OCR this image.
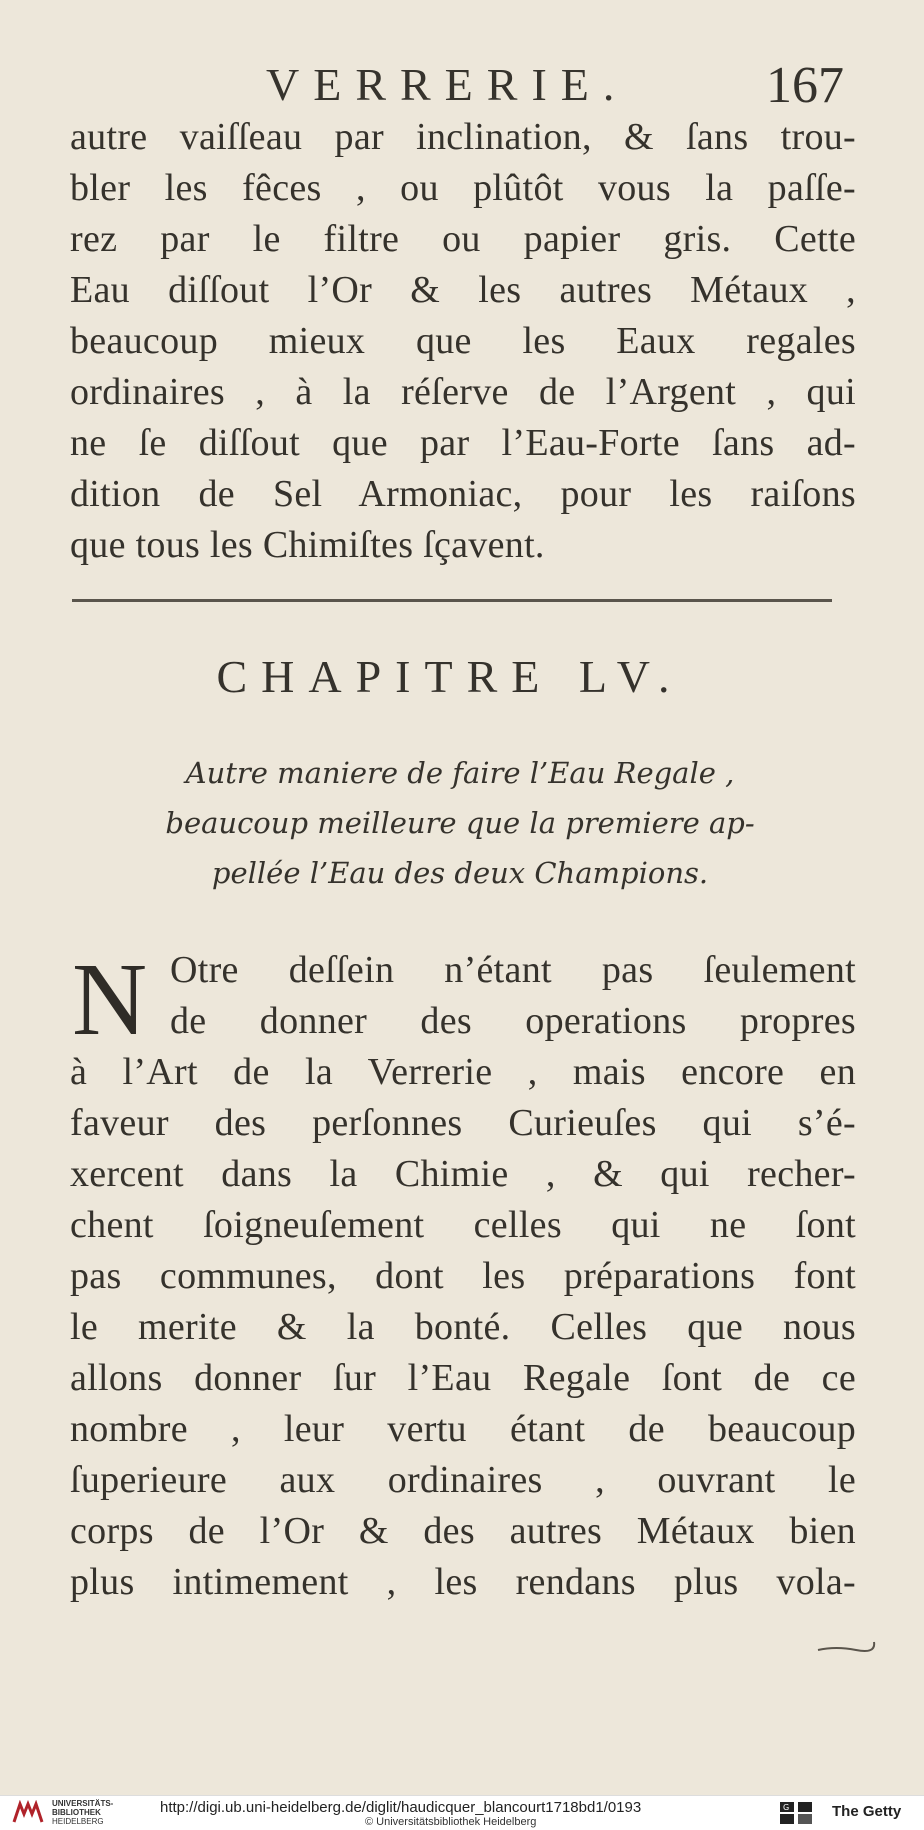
VERRERIE.	167
autre vaiſſeau par inclination, & ſans trou-
bler les fêces , ou plûtôt vous la paſſe-
rez par le filtre ou papier gris. Cette
Eau diſſout l’Or & les autres Métaux ,
beaucoup mieux que les Eaux regales
ordinaires , à la réſerve de l’Argent , qui
ne ſe diſſout que par l’Eau-Forte ſans ad-
dition de Sel Armoniac, pour les raiſons
que tous les Chimiſtes ſçavent.
CHAPITRE LV.
Autre maniere de faire l’Eau Regale ,
beaucoup meilleure que la premiere ap-
pellée l’Eau des deux Champions.
N Otre deſſein n’étant pas ſeulement
de donner des operations propres
à l’Art de la Verrerie , mais encore en
faveur des perſonnes Curieuſes qui s’é-
xercent dans la Chimie , & qui recher-
chent ſoigneuſement celles qui ne ſont
pas communes, dont les préparations font
le merite & la bonté. Celles que nous
allons donner ſur l’Eau Regale ſont de ce
nombre , leur vertu étant de beaucoup
ſuperieure aux ordinaires , ouvrant le
corps de l’Or & des autres Métaux bien
plus intimement , les rendans plus vola-
UNIVERSITÄTS-
BIBLIOTHEK
HEIDELBERG
http://digi.ub.uni-heidelberg.de/diglit/haudicquer_blancourt1718bd1/0193
© Universitätsbibliothek Heidelberg
G	The Getty
